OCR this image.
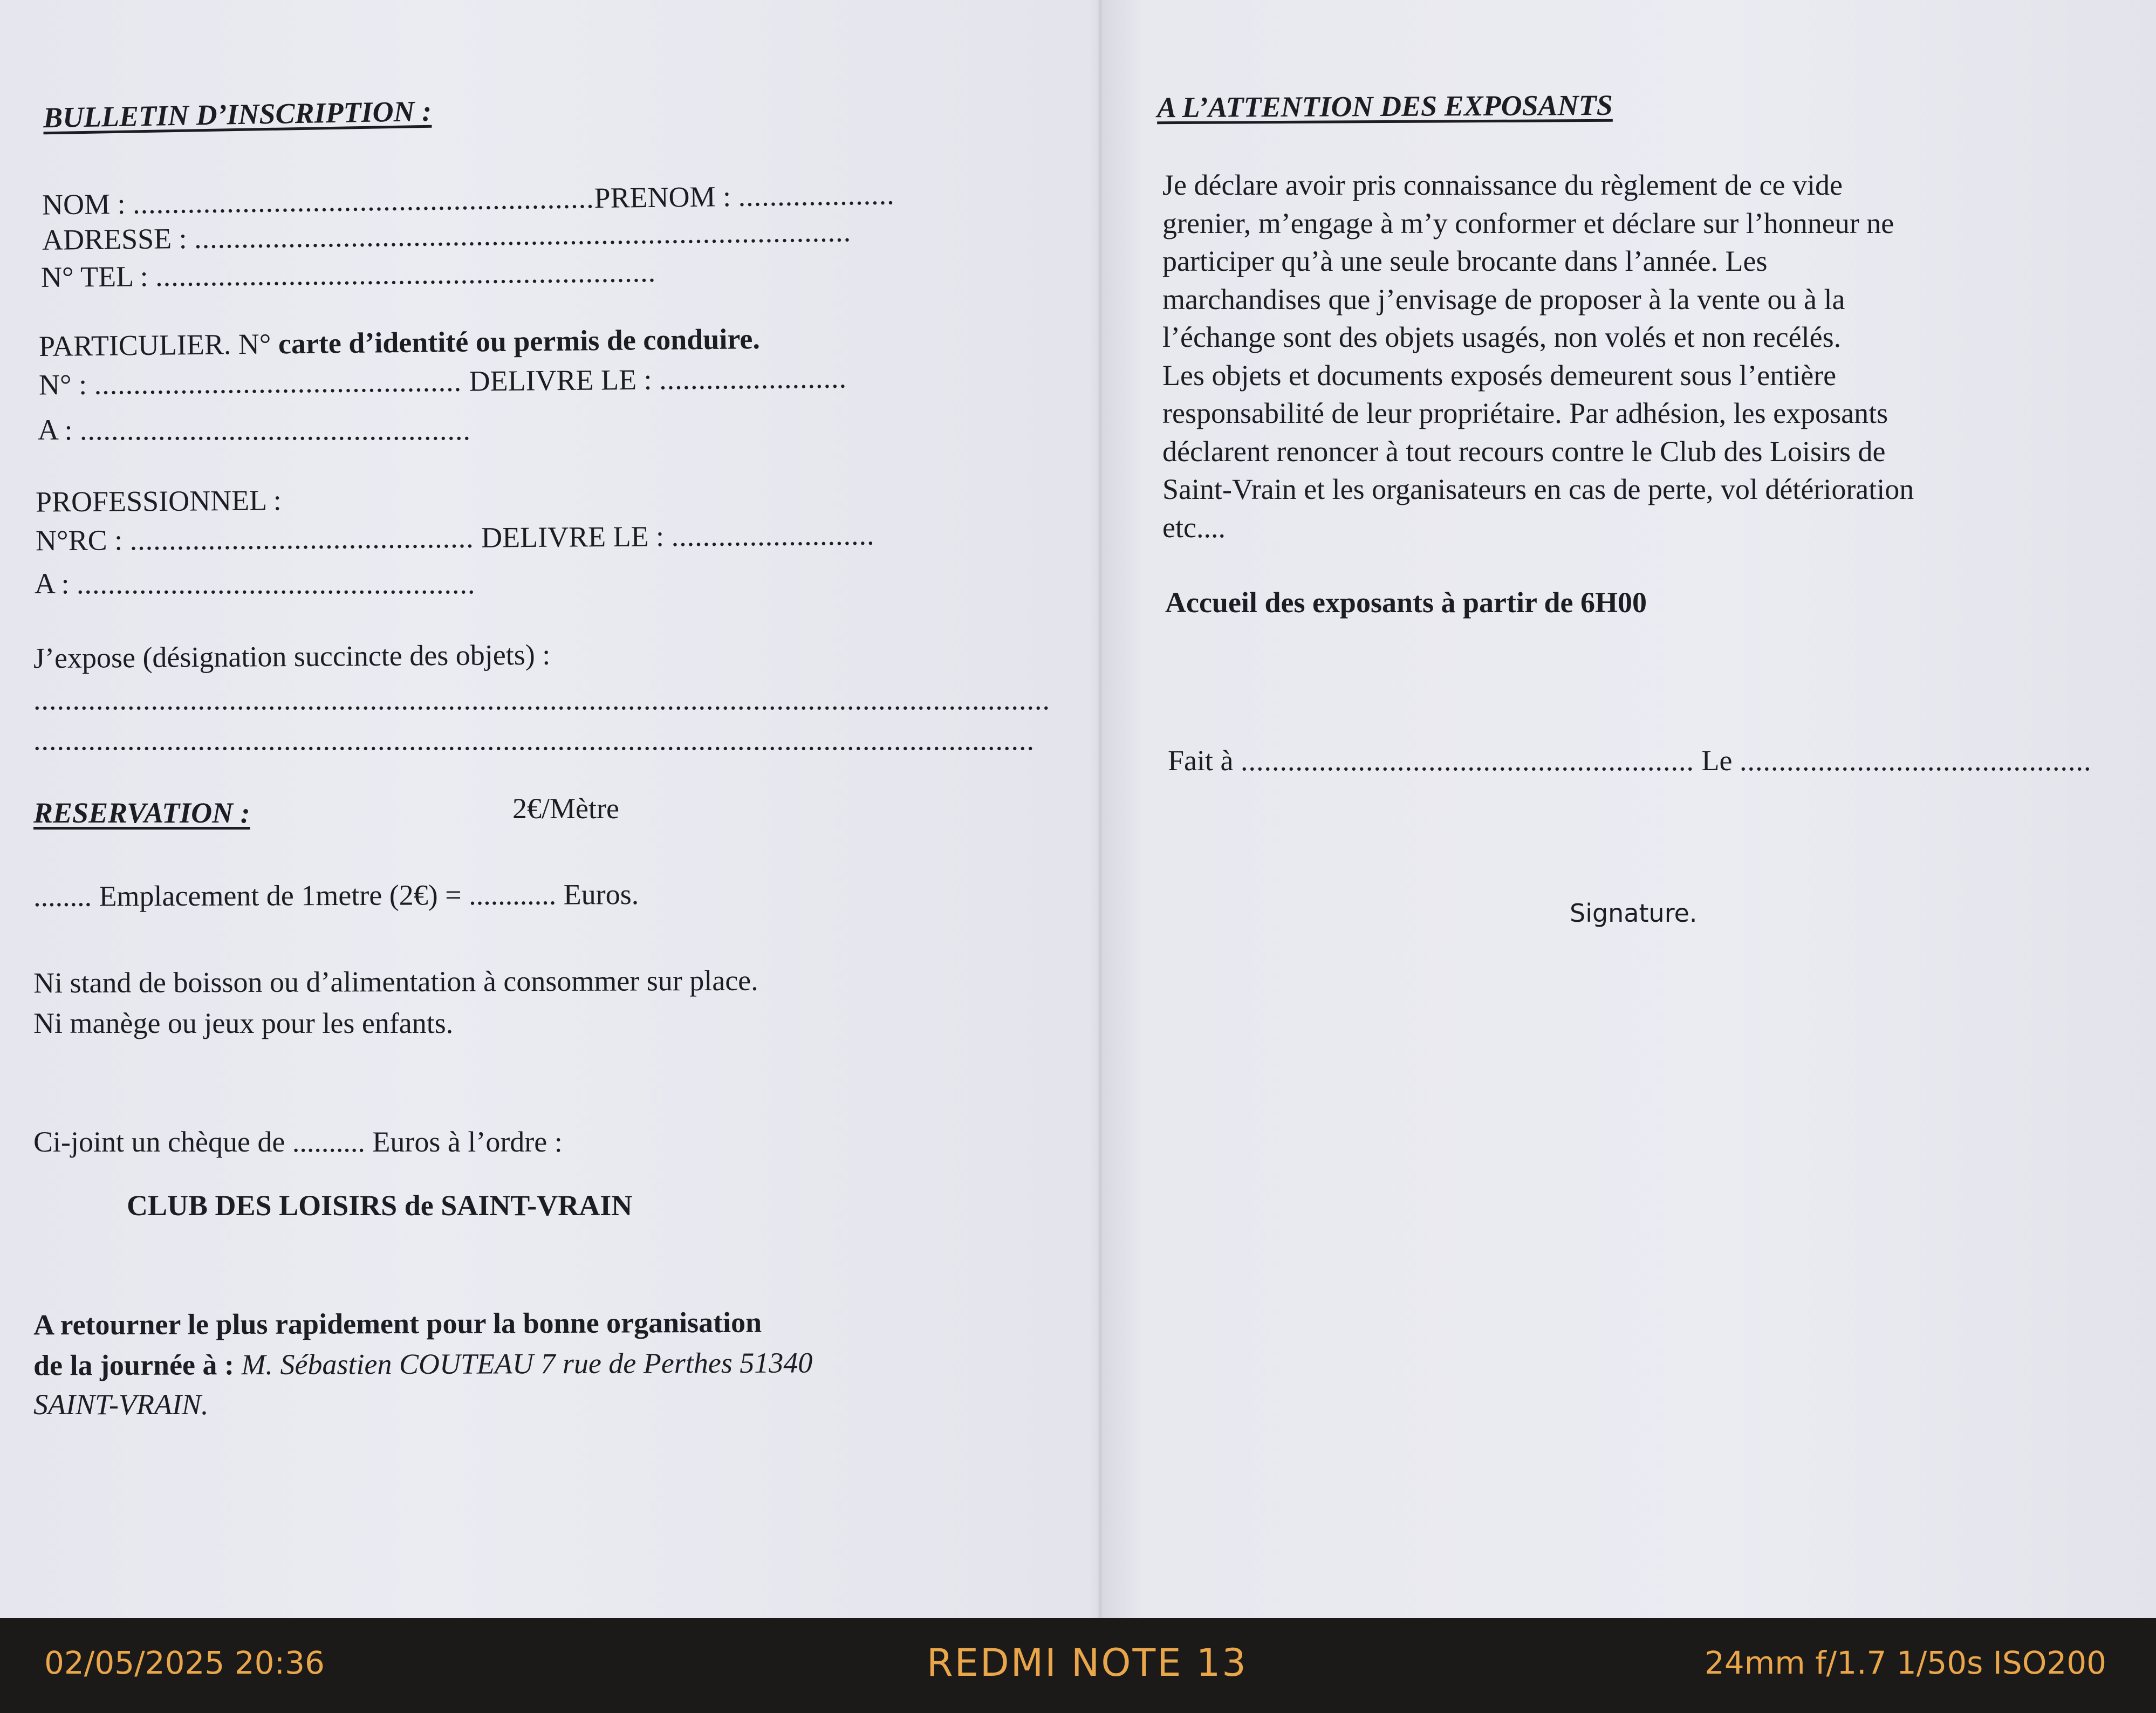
BULLETIN D’INSCRIPTION :
NOM : ...........................................................PRENOM : ....................
ADRESSE : ....................................................................................
N° TEL : ................................................................
PARTICULIER. N° carte d’identité ou permis de conduire.
N° : ............................................... DELIVRE LE : ........................
A : ..................................................
PROFESSIONNEL :
N°RC : ............................................ DELIVRE LE : ..........................
A : ...................................................
J’expose (désignation succincte des objets) :
..................................................................................................................................
................................................................................................................................
RESERVATION :	2€/Mètre
........ Emplacement de 1metre (2€) = ............ Euros.
Ni stand de boisson ou d’alimentation à consommer sur place.
Ni manège ou jeux pour les enfants.
Ci-joint un chèque de .......... Euros à l’ordre :
CLUB DES LOISIRS de SAINT-VRAIN
A retourner le plus rapidement pour la bonne organisation
de la journée à : M. Sébastien COUTEAU 7 rue de Perthes 51340
SAINT-VRAIN.
A L’ATTENTION DES EXPOSANTS
Je déclare avoir pris connaissance du règlement de ce vide
grenier, m’engage à m’y conformer et déclare sur l’honneur ne
participer qu’à une seule brocante dans l’année. Les
marchandises que j’envisage de proposer à la vente ou à la
l’échange sont des objets usagés, non volés et non recélés.
Les objets et documents exposés demeurent sous l’entière
responsabilité de leur propriétaire. Par adhésion, les exposants
déclarent renoncer à tout recours contre le Club des Loisirs de
Saint-Vrain et les organisateurs en cas de perte, vol détérioration
etc....
Accueil des exposants à partir de 6H00
Fait à .......................................................... Le .............................................
Signature.
02/05/2025 20:36	REDMI NOTE 13	24mm f/1.7 1/50s ISO200
